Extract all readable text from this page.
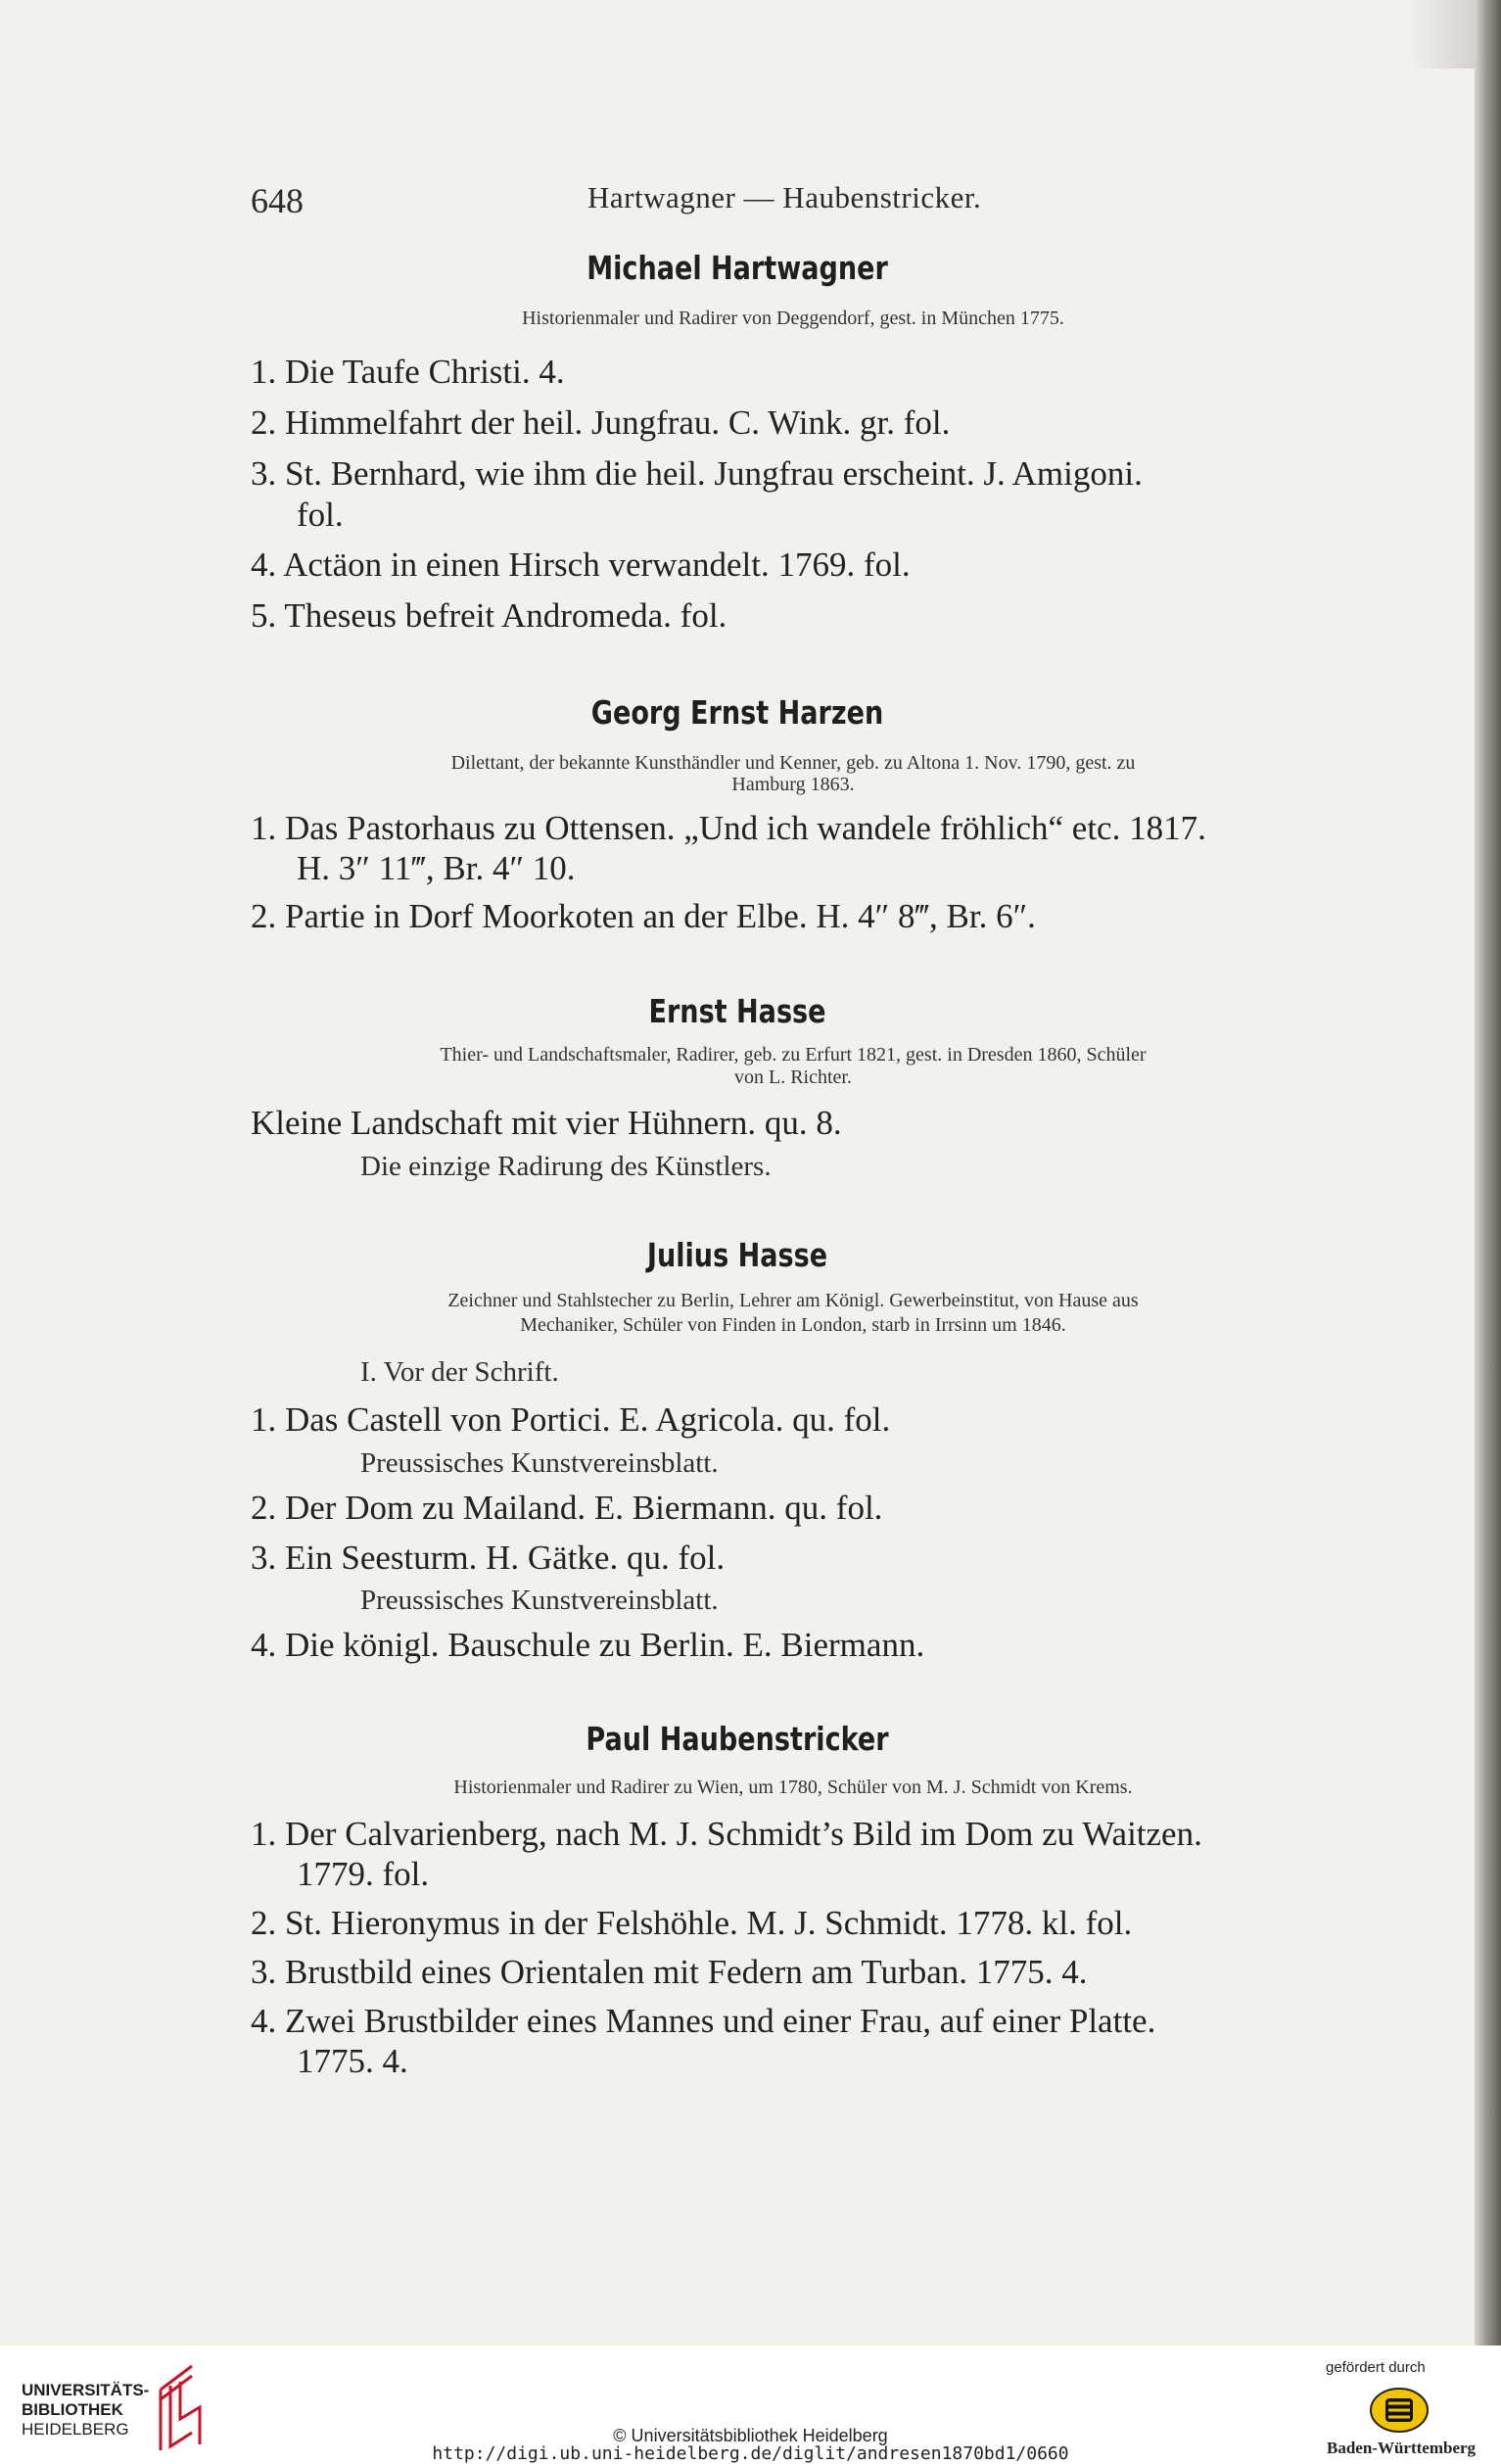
648	Hartwagner — Haubenstricker.
Michael Hartwagner
Historienmaler und Radirer von Deggendorf, gest. in München 1775.
1. Die Taufe Christi. 4.
2. Himmelfahrt der heil. Jungfrau. C. Wink. gr. fol.
3. St. Bernhard, wie ihm die heil. Jungfrau erscheint. J. Amigoni.
fol.
4. Actäon in einen Hirsch verwandelt. 1769. fol.
5. Theseus befreit Andromeda. fol.
Georg Ernst Harzen
Dilettant, der bekannte Kunsthändler und Kenner, geb. zu Altona 1. Nov. 1790, gest. zu
Hamburg 1863.
1. Das Pastorhaus zu Ottensen. „Und ich wandele fröhlich“ etc. 1817.
H. 3″ 11‴, Br. 4″ 10.
2. Partie in Dorf Moorkoten an der Elbe. H. 4″ 8‴, Br. 6″.
Ernst Hasse
Thier- und Landschaftsmaler, Radirer, geb. zu Erfurt 1821, gest. in Dresden 1860, Schüler
von L. Richter.
Kleine Landschaft mit vier Hühnern. qu. 8.
Die einzige Radirung des Künstlers.
Julius Hasse
Zeichner und Stahlstecher zu Berlin, Lehrer am Königl. Gewerbeinstitut, von Hause aus
Mechaniker, Schüler von Finden in London, starb in Irrsinn um 1846.
I. Vor der Schrift.
1. Das Castell von Portici. E. Agricola. qu. fol.
Preussisches Kunstvereinsblatt.
2. Der Dom zu Mailand. E. Biermann. qu. fol.
3. Ein Seesturm. H. Gätke. qu. fol.
Preussisches Kunstvereinsblatt.
4. Die königl. Bauschule zu Berlin. E. Biermann.
Paul Haubenstricker
Historienmaler und Radirer zu Wien, um 1780, Schüler von M. J. Schmidt von Krems.
1. Der Calvarienberg, nach M. J. Schmidt’s Bild im Dom zu Waitzen.
1779. fol.
2. St. Hieronymus in der Felshöhle. M. J. Schmidt. 1778. kl. fol.
3. Brustbild eines Orientalen mit Federn am Turban. 1775. 4.
4. Zwei Brustbilder eines Mannes und einer Frau, auf einer Platte.
1775. 4.
UNIVERSITÄTS-
BIBLIOTHEK
HEIDELBERG	© Universitätsbibliothek Heidelberg
http://digi.ub.uni-heidelberg.de/diglit/andresen1870bd1/0660
gefördert durch
Baden-Württemberg
